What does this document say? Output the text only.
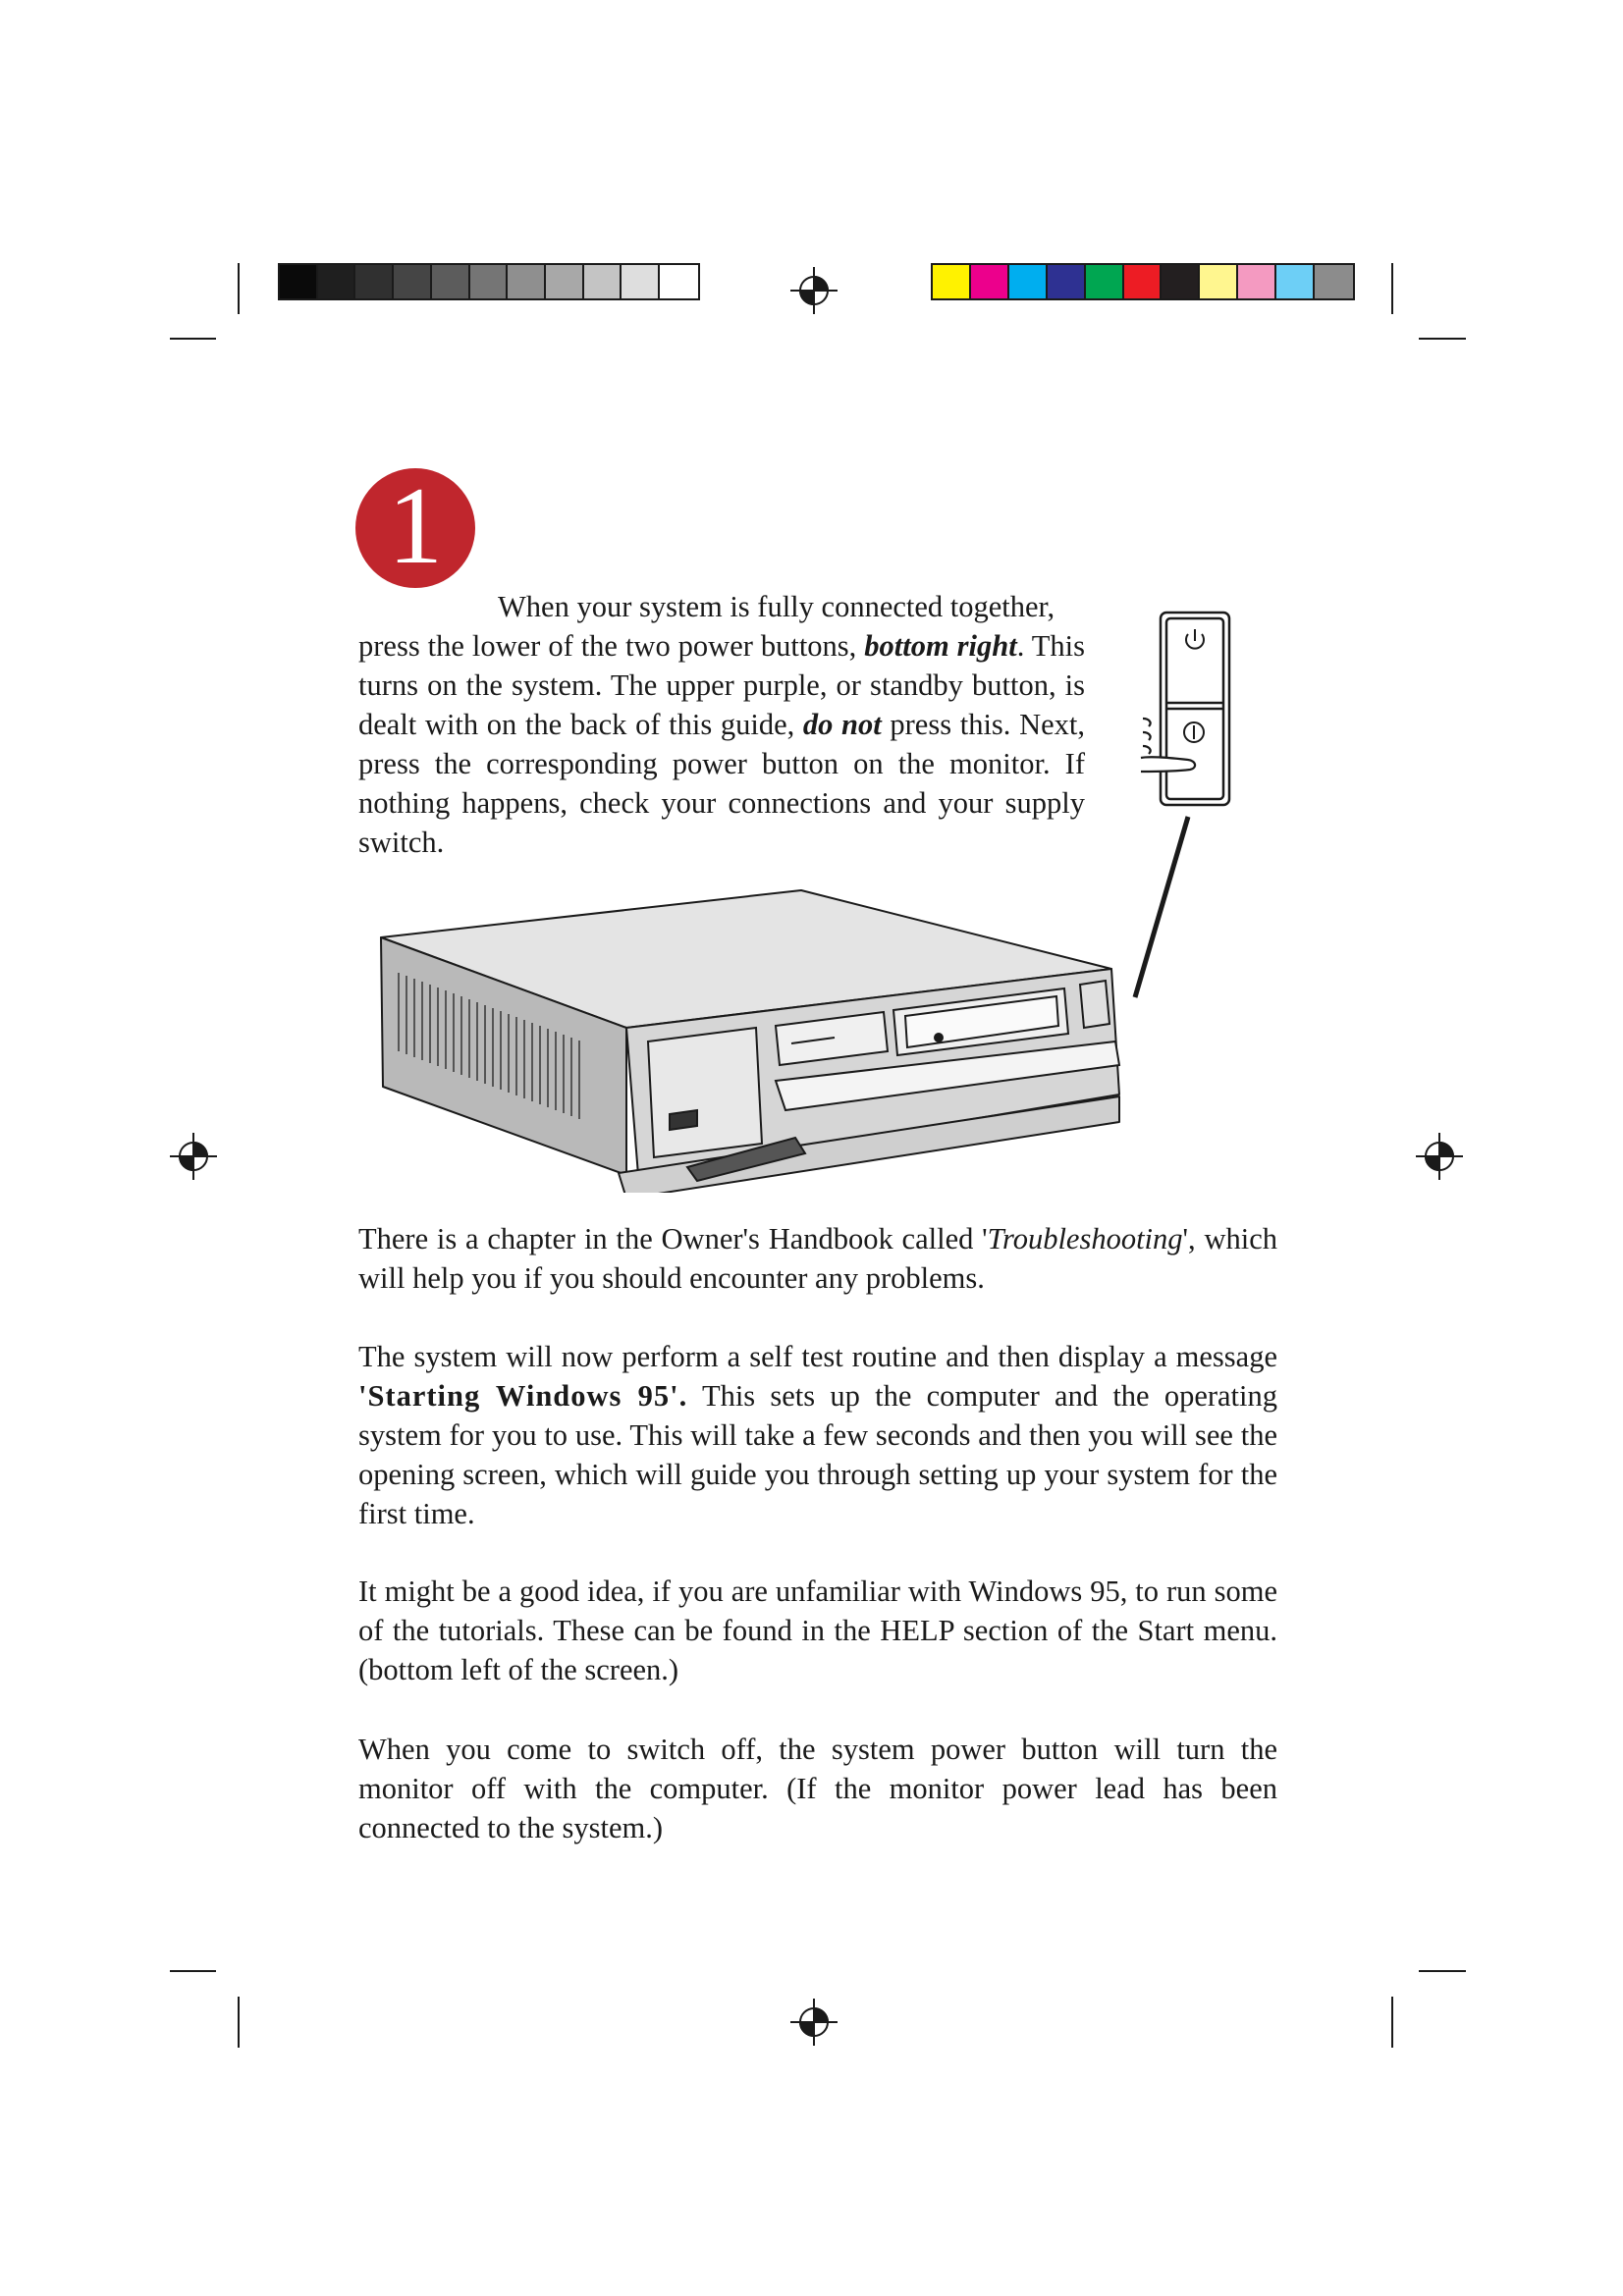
1
When your system is fully connected together,
press the lower of the two power buttons, bottom right. This turns on the system. The upper purple, or standby button, is dealt with on the back of this guide, do not press this. Next, press the corresponding power button on the monitor. If nothing happens, check your connections and your supply switch.
There is a chapter in the Owner's Handbook called 'Troubleshooting', which will help you if you should encounter any problems.
The system will now perform a self test routine and then display a message 'Starting Windows 95'. This sets up the computer and the operating system for you to use. This will take a few seconds and then you will see the opening screen, which will guide you through setting up your system for the first time.
It might be a good idea, if you are unfamiliar with Windows 95, to run some of the tutorials. These can be found in the HELP section of the Start menu. (bottom left of the screen.)
When you come to switch off, the system power button will turn the monitor off with the computer. (If the monitor power lead has been connected to the system.)
